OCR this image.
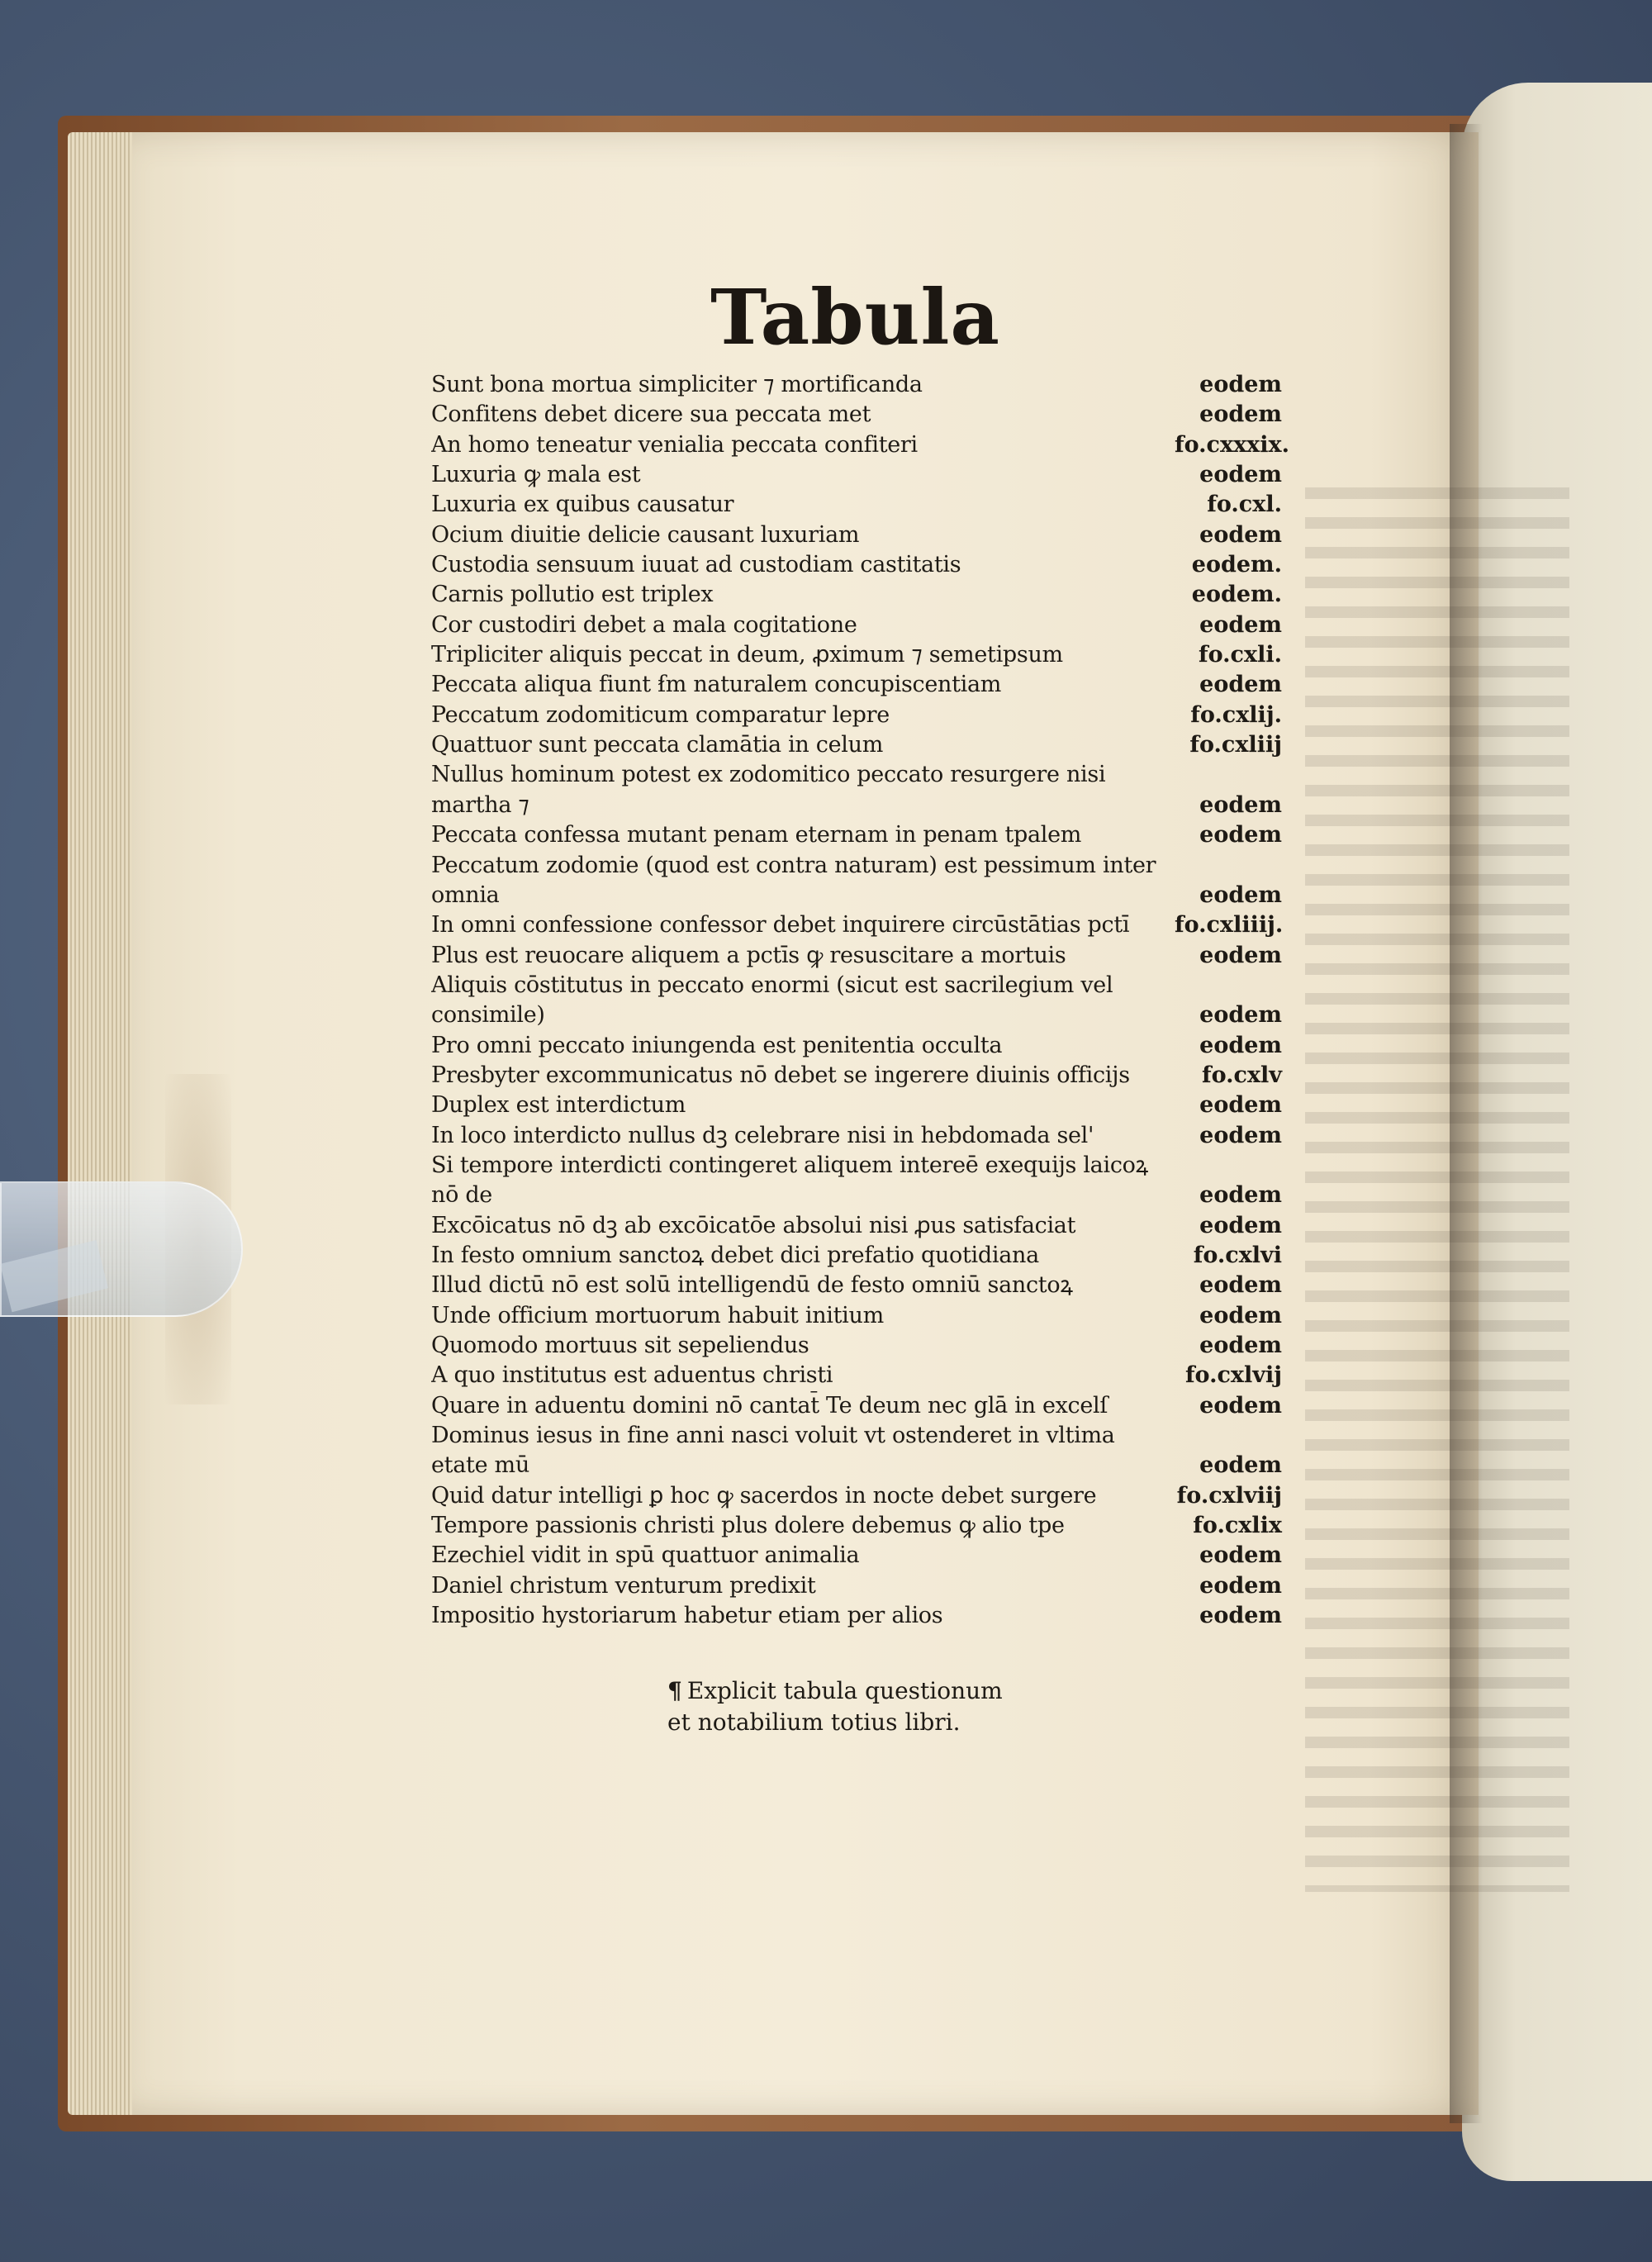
Tabula
Sunt bona mortua simpliciter ⁊ mortificanda	eodem
Confitens debet dicere sua peccata met	eodem
An homo teneatur venialia peccata confiteri	fo.cxxxix.
Luxuria ꝙ mala est	eodem
Luxuria ex quibus causatur	fo.cxl.
Ocium diuitie delicie causant luxuriam	eodem
Custodia sensuum iuuat ad custodiam castitatis	eodem.
Carnis pollutio est triplex	eodem.
Cor custodiri debet a mala cogitatione	eodem
Tripliciter aliquis peccat in deum, ꝓximum ⁊ semetipsum	fo.cxli.
Peccata aliqua fiunt ẜm naturalem concupiscentiam	eodem
Peccatum zodomiticum comparatur lepre	fo.cxlij.
Quattuor sunt peccata clamātia in celum	fo.cxliij
Nullus hominum potest ex zodomitico peccato resurgere nisi martha ⁊	eodem
Peccata confessa mutant penam eternam in penam tpalem	eodem
Peccatum zodomie (quod est contra naturam) est pessimum inter omnia	eodem
In omni confessione confessor debet inquirere circūstātias pctī	fo.cxliiij.
Plus est reuocare aliquem a pctīs ꝙ resuscitare a mortuis	eodem
Aliquis cōstitutus in peccato enormi (sicut est sacrilegium vel consimile)	eodem
Pro omni peccato iniungenda est penitentia occulta	eodem
Presbyter excommunicatus nō debet se ingerere diuinis officijs	fo.cxlv
Duplex est interdictum	eodem
In loco interdicto nullus dꝫ celebrare nisi in hebdomada sel'	eodem
Si tempore interdicti contingeret aliquem intereē exequijs laicoꝝ nō de	eodem
Excōicatus nō dꝫ ab excōicatōe absolui nisi ꝓus satisfaciat	eodem
In festo omnium sanctoꝝ debet dici prefatio quotidiana	fo.cxlvi
Illud dictū nō est solū intelligendū de festo omniū sanctoꝝ	eodem
Unde officium mortuorum habuit initium	eodem
Quomodo mortuus sit sepeliendus	eodem
A quo institutus est aduentus christi	fo.cxlvij
Quare in aduentu domini nō cantat̄ Te deum nec glā in excelſ	eodem
Dominus iesus in fine anni nasci voluit vt ostenderet in vltima etate mū	eodem
Quid datur intelligi ꝑ hoc ꝙ sacerdos in nocte debet surgere	fo.cxlviij
Tempore passionis christi plus dolere debemus ꝙ alio tpe	fo.cxlix
Ezechiel vidit in spū quattuor animalia	eodem
Daniel christum venturum predixit	eodem
Impositio hystoriarum habetur etiam per alios	eodem
¶ Explicit tabula questionum
et notabilium totius libri.
